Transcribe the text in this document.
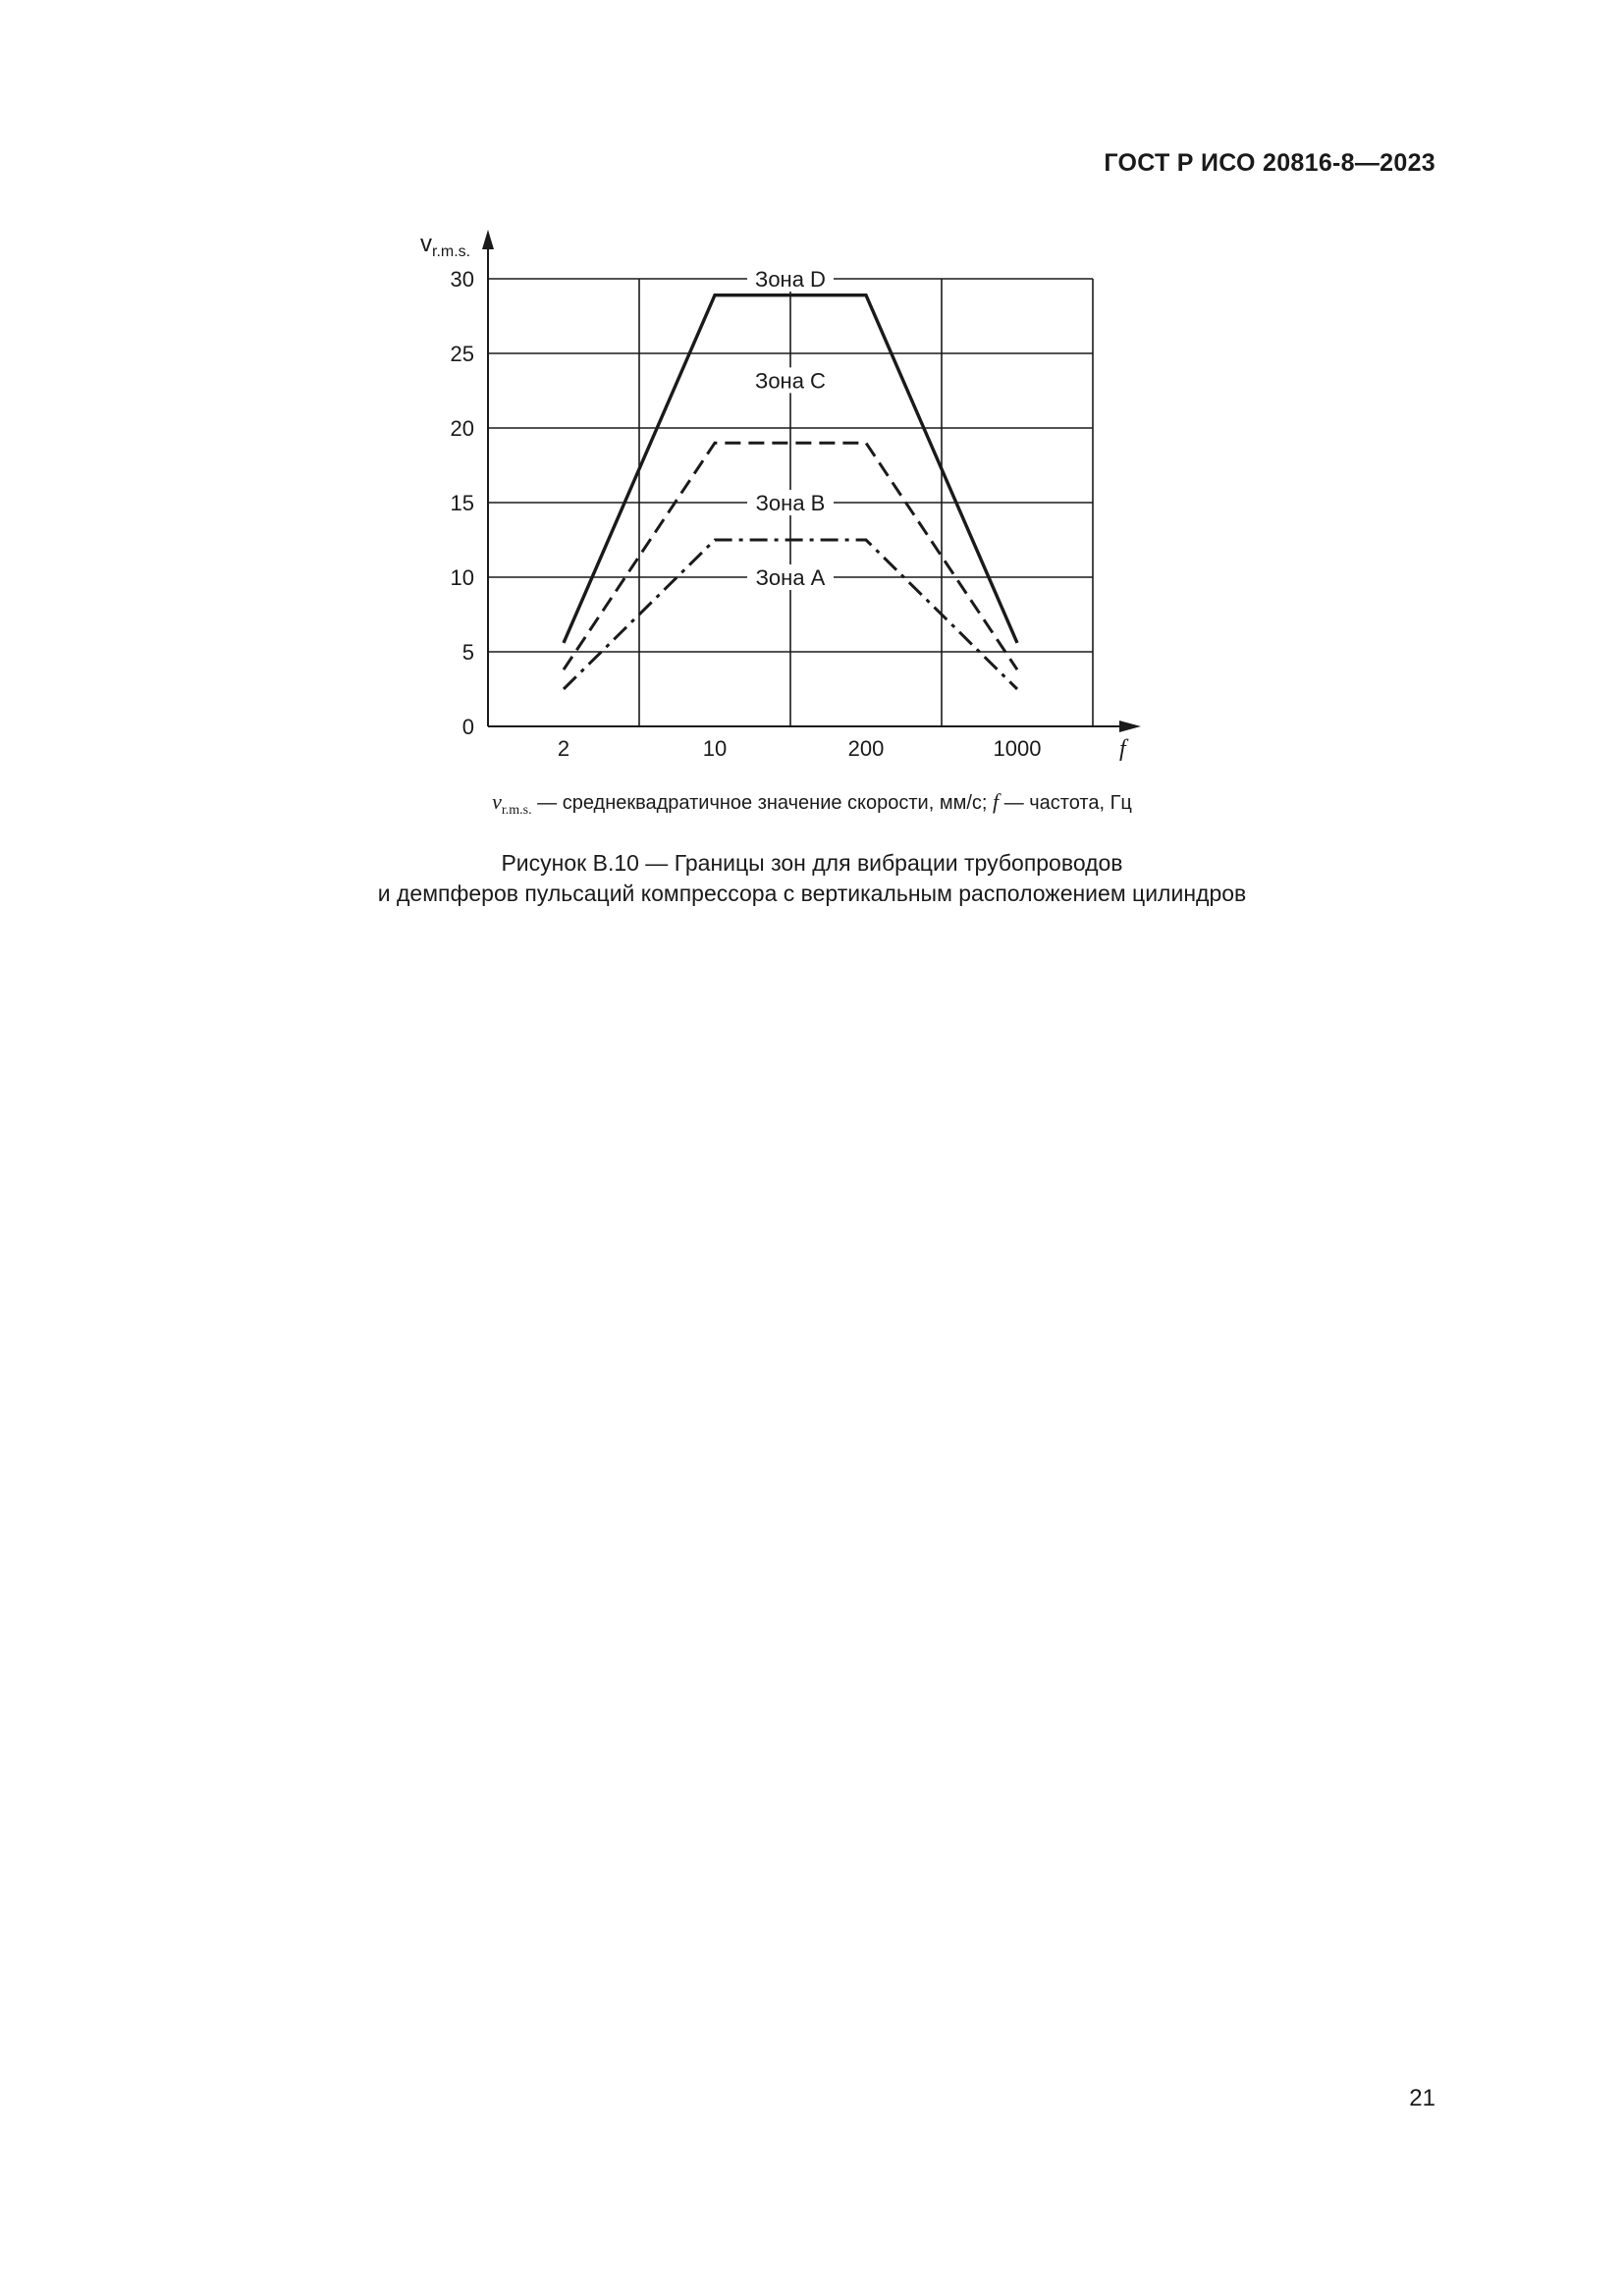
ГОСТ Р ИСО 20816-8—2023
0
5
10
15
20
25
30
2	10	200	1000
Зона D
Зона C
Зона B
Зона A
$v_{r.m.s.}$
f
$v_{r.m.s.}$ — среднеквадратичное значение скорости, мм/с; f — частота, Гц
Рисунок В.10 — Границы зон для вибрации трубопроводов
и демпферов пульсаций компрессора с вертикальным расположением цилиндров
21
